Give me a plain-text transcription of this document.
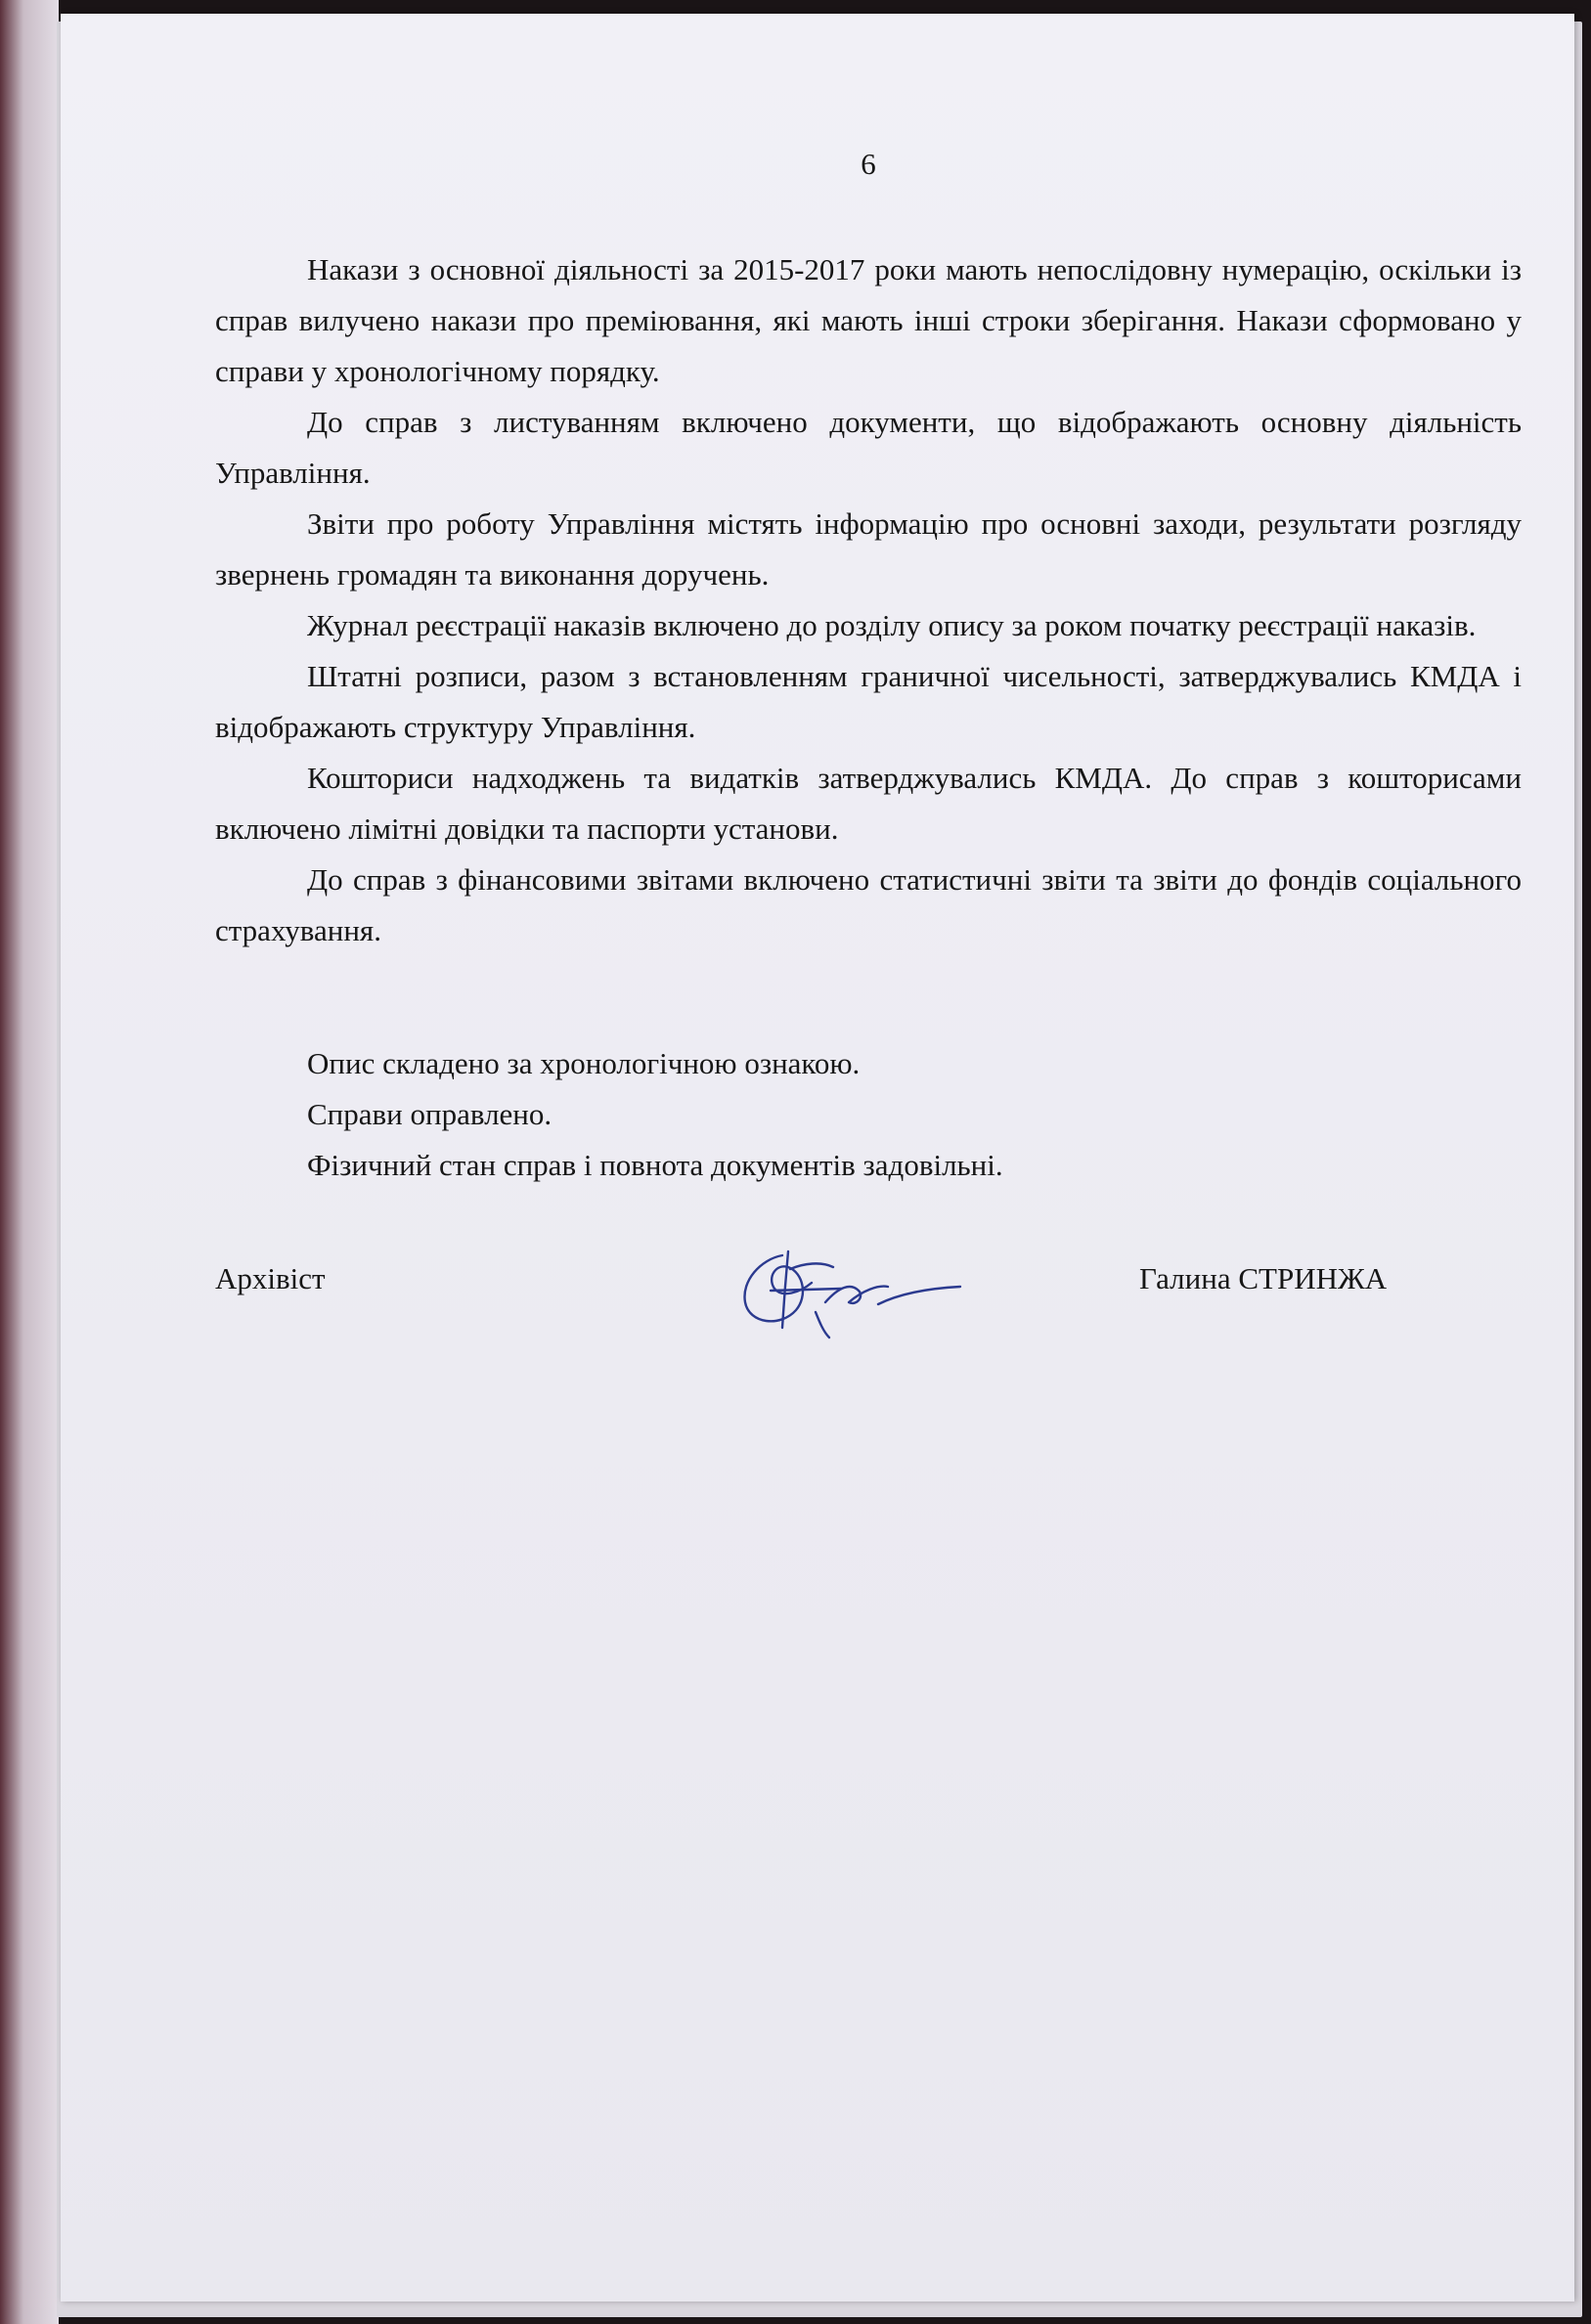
6

Накази з основної діяльності за 2015-2017 роки мають непослідовну нумерацію, оскільки із справ вилучено накази про преміювання, які мають інші строки зберігання. Накази сформовано у справи у хронологічному порядку.

До справ з листуванням включено документи, що відображають основну діяльність Управління.

Звіти про роботу Управління містять інформацію про основні заходи, результати розгляду звернень громадян та виконання доручень.

Журнал реєстрації наказів включено до розділу опису за роком початку реєстрації наказів.

Штатні розписи, разом з встановленням граничної чисельності, затверджувались КМДА і відображають структуру Управління.

Кошториси надходжень та видатків затверджувались КМДА. До справ з кошторисами включено лімітні довідки та паспорти установи.

До справ з фінансовими звітами включено статистичні звіти та звіти до фондів соціального страхування.

Опис складено за хронологічною ознакою.
Справи оправлено.
Фізичний стан справ і повнота документів задовільні.
Архівіст	Галина СТРИНЖА
